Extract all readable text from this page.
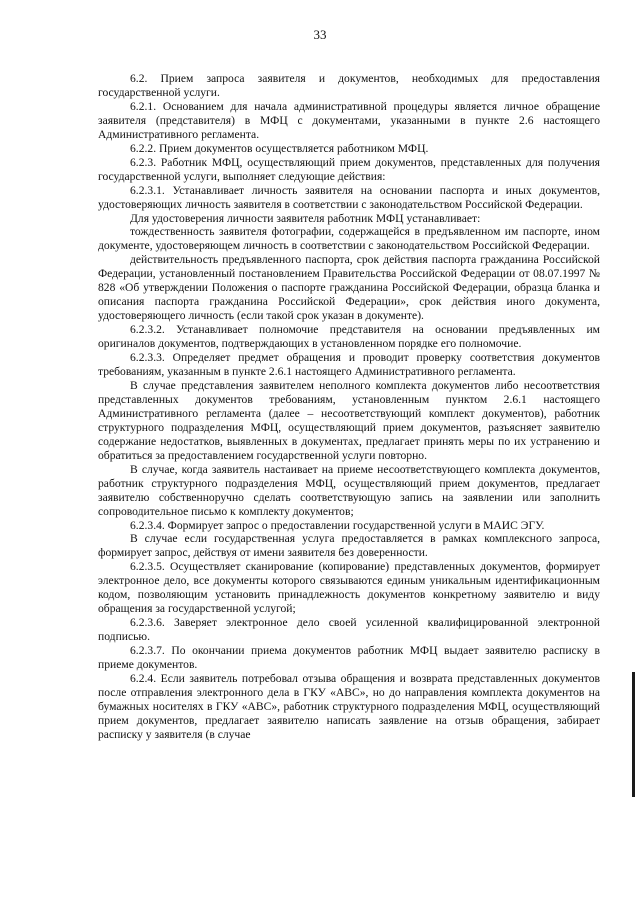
33

6.2. Прием запроса заявителя и документов, необходимых для предоставления государственной услуги.

6.2.1. Основанием для начала административной процедуры является личное обращение заявителя (представителя) в МФЦ с документами, указанными в пункте 2.6 настоящего Административного регламента.

6.2.2. Прием документов осуществляется работником МФЦ.

6.2.3. Работник МФЦ, осуществляющий прием документов, представленных для получения государственной услуги, выполняет следующие действия:

6.2.3.1. Устанавливает личность заявителя на основании паспорта и иных документов, удостоверяющих личность заявителя в соответствии с законодательством Российской Федерации.

Для удостоверения личности заявителя работник МФЦ устанавливает:

тождественность заявителя фотографии, содержащейся в предъявленном им паспорте, ином документе, удостоверяющем личность в соответствии с законодательством Российской Федерации.

действительность предъявленного паспорта, срок действия паспорта гражданина Российской Федерации, установленный постановлением Правительства Российской Федерации от 08.07.1997 № 828 «Об утверждении Положения о паспорте гражданина Российской Федерации, образца бланка и описания паспорта гражданина Российской Федерации», срок действия иного документа, удостоверяющего личность (если такой срок указан в документе).

6.2.3.2. Устанавливает полномочие представителя на основании предъявленных им оригиналов документов, подтверждающих в установленном порядке его полномочие.

6.2.3.3. Определяет предмет обращения и проводит проверку соответствия документов требованиям, указанным в пункте 2.6.1 настоящего Административного регламента.

В случае представления заявителем неполного комплекта документов либо несоответствия представленных документов требованиям, установленным пунктом 2.6.1 настоящего Административного регламента (далее – несоответствующий комплект документов), работник структурного подразделения МФЦ, осуществляющий прием документов, разъясняет заявителю содержание недостатков, выявленных в документах, предлагает принять меры по их устранению и обратиться за предоставлением государственной услуги повторно.

В случае, когда заявитель настаивает на приеме несоответствующего комплекта документов, работник структурного подразделения МФЦ, осуществляющий прием документов, предлагает заявителю собственноручно сделать соответствующую запись на заявлении или заполнить сопроводительное письмо к комплекту документов;

6.2.3.4. Формирует запрос о предоставлении государственной услуги в МАИС ЭГУ.

В случае если государственная услуга предоставляется в рамках комплексного запроса, формирует запрос, действуя от имени заявителя без доверенности.

6.2.3.5. Осуществляет сканирование (копирование) представленных документов, формирует электронное дело, все документы которого связываются единым уникальным идентификационным кодом, позволяющим установить принадлежность документов конкретному заявителю и виду обращения за государственной услугой;

6.2.3.6. Заверяет электронное дело своей усиленной квалифицированной электронной подписью.

6.2.3.7. По окончании приема документов работник МФЦ выдает заявителю расписку в приеме документов.

6.2.4. Если заявитель потребовал отзыва обращения и возврата представленных документов после отправления электронного дела в ГКУ «АВС», но до направления комплекта документов на бумажных носителях в ГКУ «АВС», работник структурного подразделения МФЦ, осуществляющий прием документов, предлагает заявителю написать заявление на отзыв обращения, забирает расписку у заявителя (в случае
